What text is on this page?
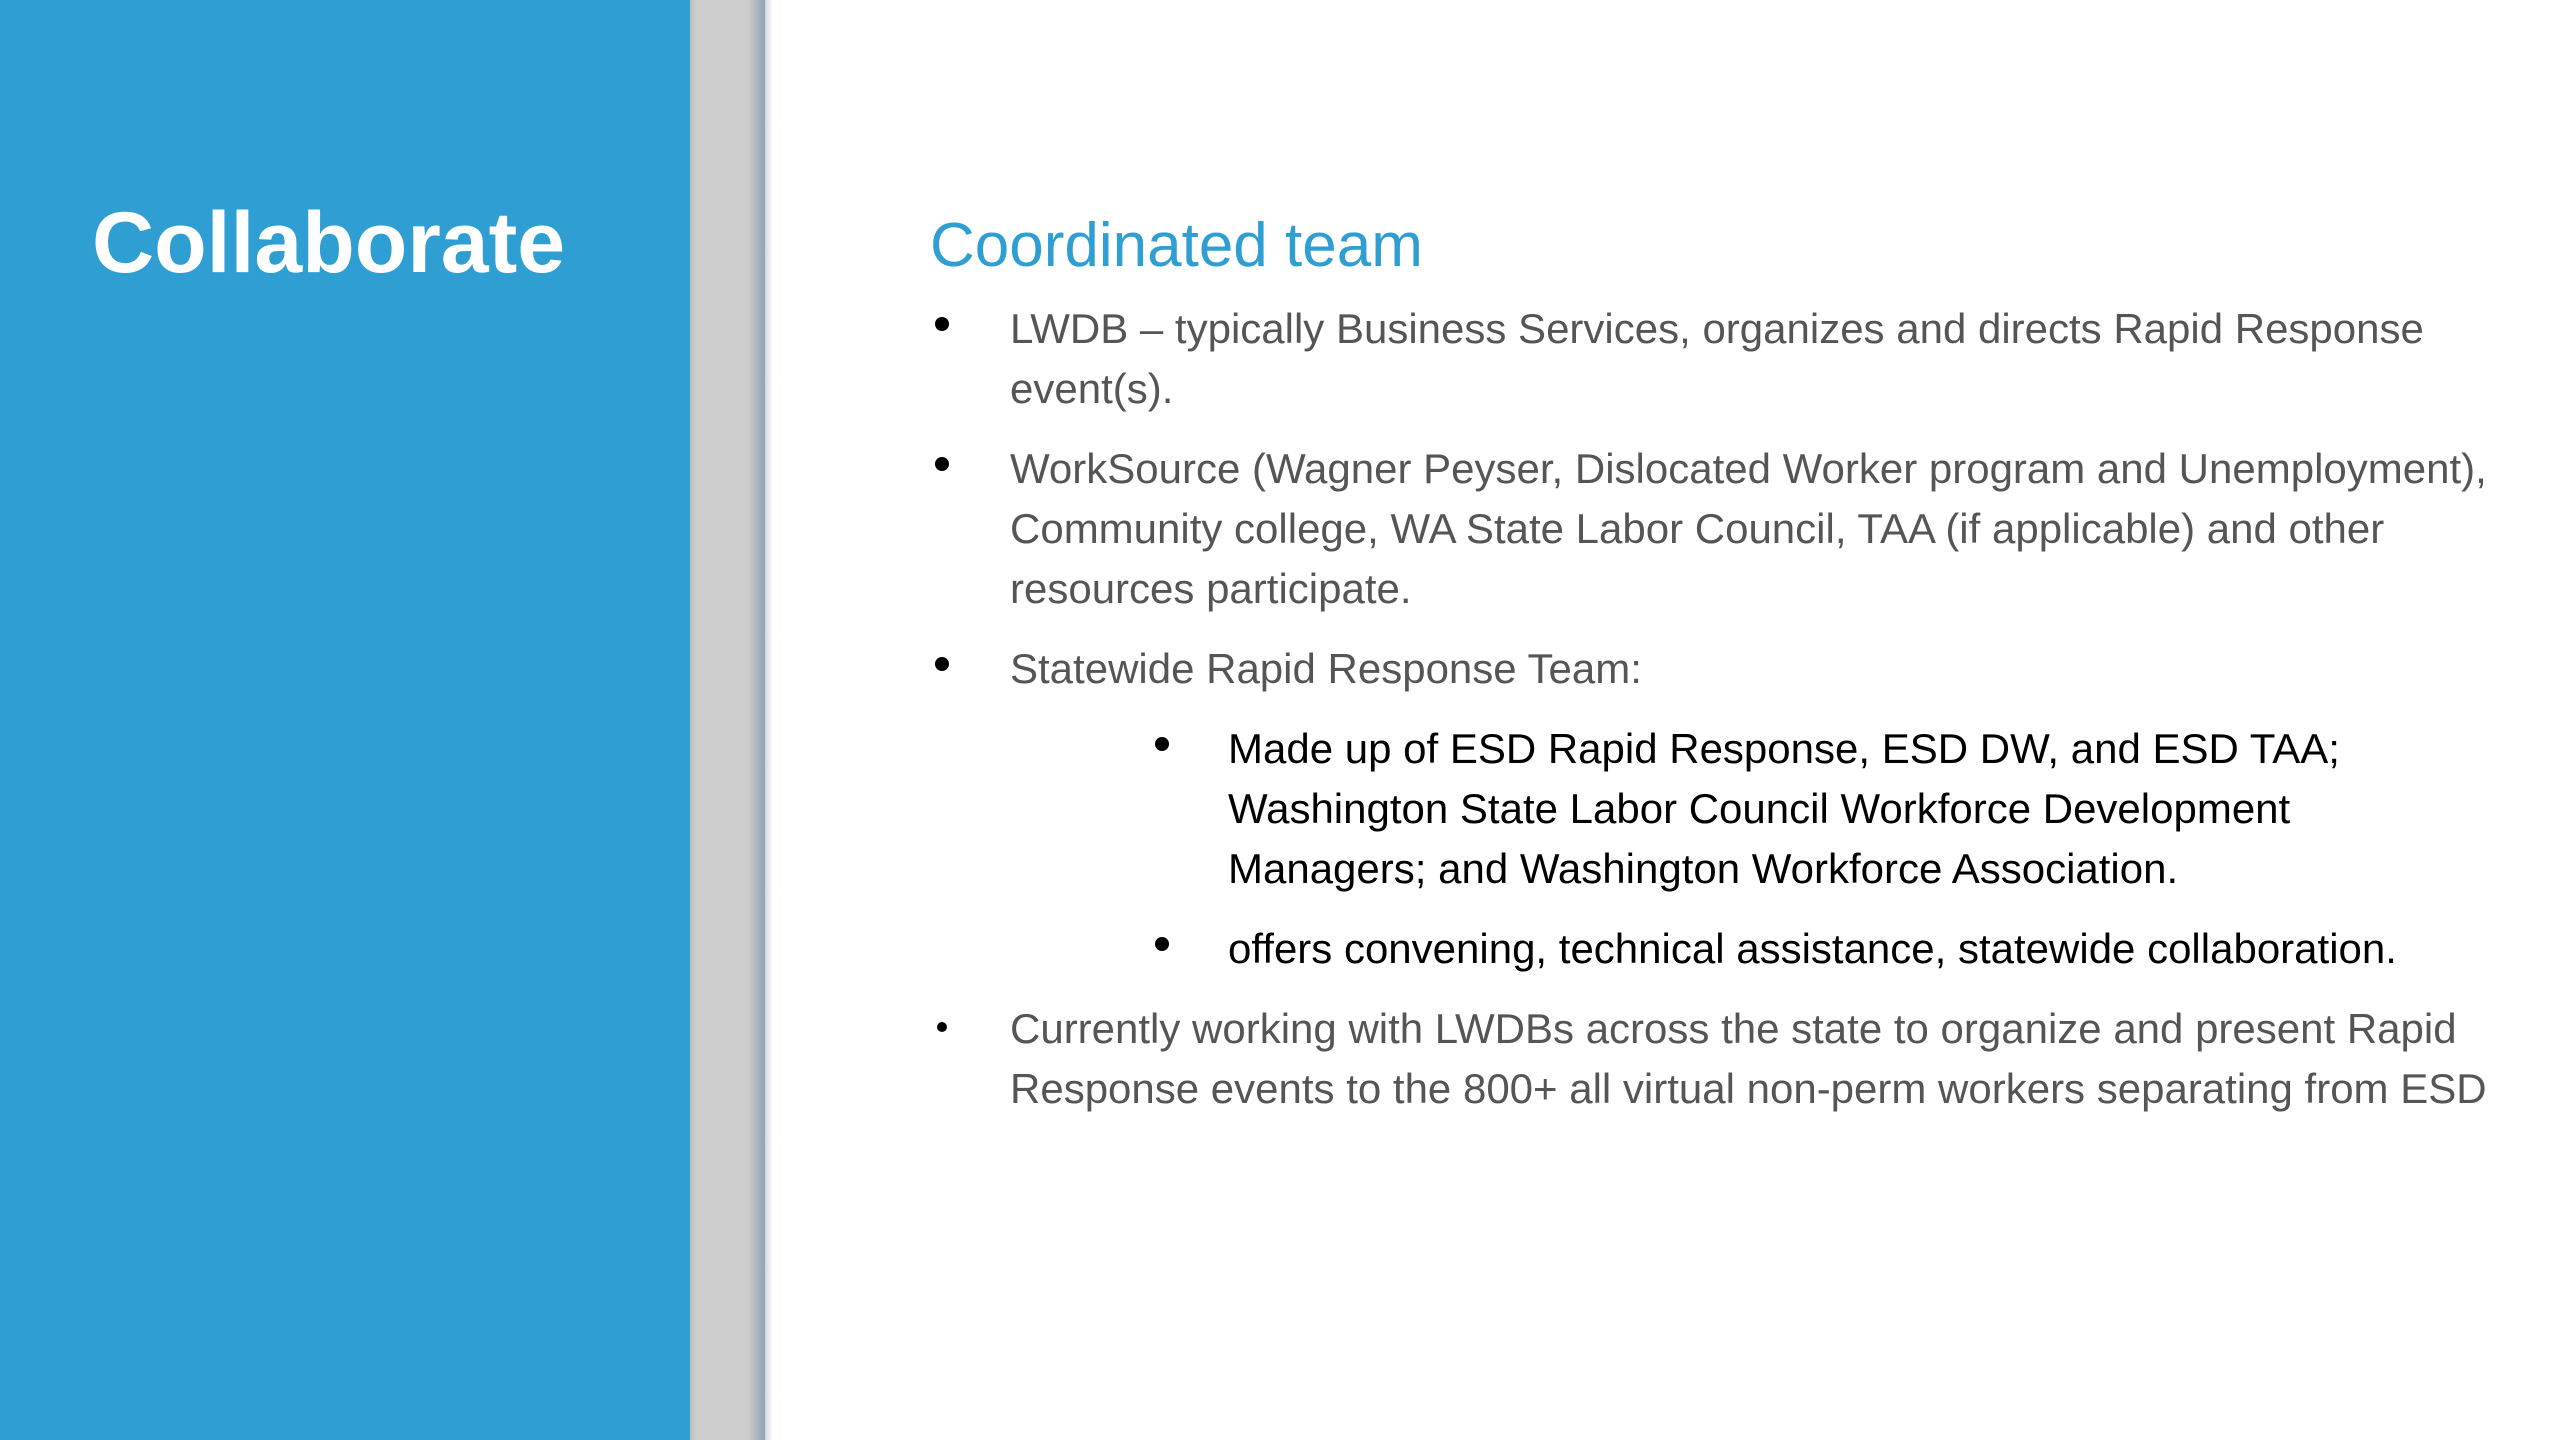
Collaborate	Coordinated team
LWDB – typically Business Services, organizes and directs Rapid Response event(s).
WorkSource (Wagner Peyser, Dislocated Worker program and Unemployment), Community college, WA State Labor Council, TAA (if applicable) and other resources participate.
Statewide Rapid Response Team:
Made up of ESD Rapid Response, ESD DW, and ESD TAA; Washington State Labor Council Workforce Development Managers; and Washington Workforce Association.
offers convening, technical assistance, statewide collaboration.
Currently working with LWDBs across the state to organize and present Rapid Response events to the 800+ all virtual non-perm workers separating from ESD
